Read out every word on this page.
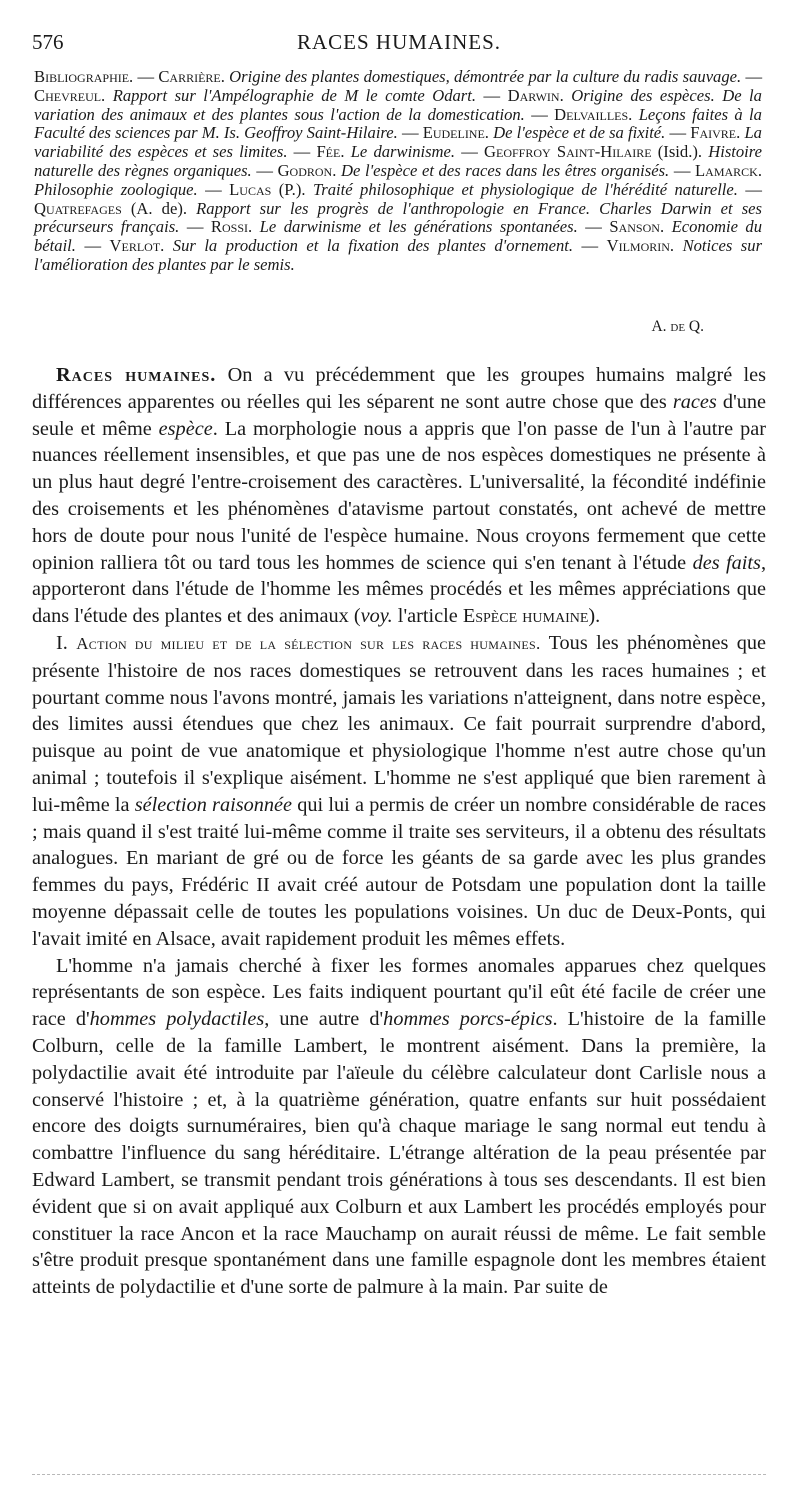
576	RACES HUMAINES.
Bibliographie. — Carrière. Origine des plantes domestiques, démontrée par la culture du radis sauvage. — Chevreul. Rapport sur l'Ampélographie de M le comte Odart. — Darwin. Origine des espèces. De la variation des animaux et des plantes sous l'action de la domestication. — Delvailles. Leçons faites à la Faculté des sciences par M. Is. Geoffroy Saint-Hilaire. — Eudeline. De l'espèce et de sa fixité. — Faivre. La variabilité des espèces et ses limites. — Fée. Le darwinisme. — Geoffroy Saint-Hilaire (Isid.). Histoire naturelle des règnes organiques. — Godron. De l'espèce et des races dans les êtres organisés. — Lamarck. Philosophie zoologique. — Lucas (P.). Traité philosophique et physiologique de l'hérédité naturelle. — Quatrefages (A. de). Rapport sur les progrès de l'anthropologie en France. Charles Darwin et ses précurseurs français. — Rossi. Le darwinisme et les générations spontanées. — Sanson. Economie du bétail. — Verlot. Sur la production et la fixation des plantes d'ornement. — Vilmorin. Notices sur l'amélioration des plantes par le semis.
A. de Q.

Races humaines. On a vu précédemment que les groupes humains malgré les différences apparentes ou réelles qui les séparent ne sont autre chose que des races d'une seule et même espèce. La morphologie nous a appris que l'on passe de l'un à l'autre par nuances réellement insensibles, et que pas une de nos espèces domestiques ne présente à un plus haut degré l'entre-croisement des caractères. L'universalité, la fécondité indéfinie des croisements et les phénomènes d'atavisme partout constatés, ont achevé de mettre hors de doute pour nous l'unité de l'espèce humaine. Nous croyons fermement que cette opinion ralliera tôt ou tard tous les hommes de science qui s'en tenant à l'étude des faits, apporteront dans l'étude de l'homme les mêmes procédés et les mêmes appréciations que dans l'étude des plantes et des animaux (voy. l'article Espèce humaine).

I. Action du milieu et de la sélection sur les races humaines. Tous les phénomènes que présente l'histoire de nos races domestiques se retrouvent dans les races humaines ; et pourtant comme nous l'avons montré, jamais les variations n'atteignent, dans notre espèce, des limites aussi étendues que chez les animaux. Ce fait pourrait surprendre d'abord, puisque au point de vue anatomique et physiologique l'homme n'est autre chose qu'un animal ; toutefois il s'explique aisément. L'homme ne s'est appliqué que bien rarement à lui-même la sélection raisonnée qui lui a permis de créer un nombre considérable de races ; mais quand il s'est traité lui-même comme il traite ses serviteurs, il a obtenu des résultats analogues. En mariant de gré ou de force les géants de sa garde avec les plus grandes femmes du pays, Frédéric II avait créé autour de Potsdam une population dont la taille moyenne dépassait celle de toutes les populations voisines. Un duc de Deux-Ponts, qui l'avait imité en Alsace, avait rapidement produit les mêmes effets.

L'homme n'a jamais cherché à fixer les formes anomales apparues chez quelques représentants de son espèce. Les faits indiquent pourtant qu'il eût été facile de créer une race d'hommes polydactiles, une autre d'hommes porcs-épics. L'histoire de la famille Colburn, celle de la famille Lambert, le montrent aisément. Dans la première, la polydactilie avait été introduite par l'aïeule du célèbre calculateur dont Carlisle nous a conservé l'histoire ; et, à la quatrième génération, quatre enfants sur huit possédaient encore des doigts surnuméraires, bien qu'à chaque mariage le sang normal eut tendu à combattre l'influence du sang héréditaire. L'étrange altération de la peau présentée par Edward Lambert, se transmit pendant trois générations à tous ses descendants. Il est bien évident que si on avait appliqué aux Colburn et aux Lambert les procédés employés pour constituer la race Ancon et la race Mauchamp on aurait réussi de même. Le fait semble s'être produit presque spontanément dans une famille espagnole dont les membres étaient atteints de polydactilie et d'une sorte de palmure à la main. Par suite de
